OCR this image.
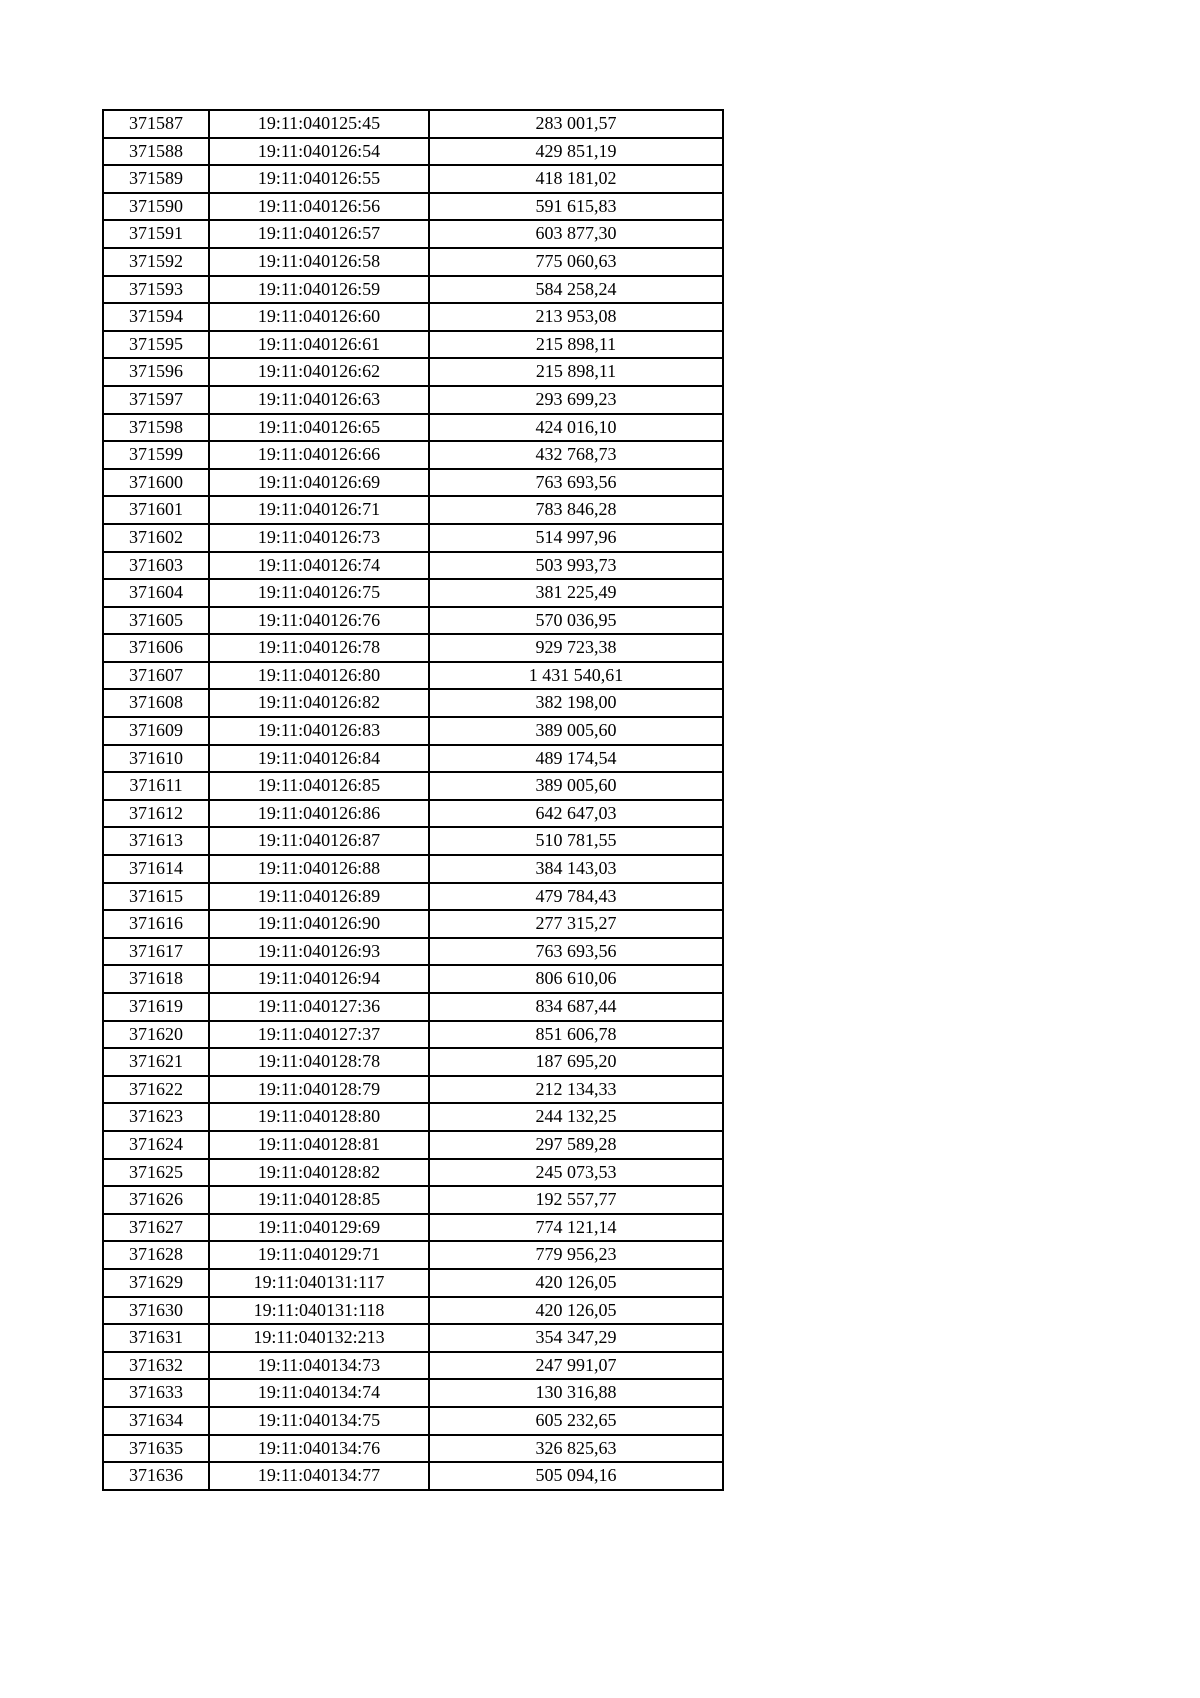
371587	19:11:040125:45	283 001,57
371588	19:11:040126:54	429 851,19
371589	19:11:040126:55	418 181,02
371590	19:11:040126:56	591 615,83
371591	19:11:040126:57	603 877,30
371592	19:11:040126:58	775 060,63
371593	19:11:040126:59	584 258,24
371594	19:11:040126:60	213 953,08
371595	19:11:040126:61	215 898,11
371596	19:11:040126:62	215 898,11
371597	19:11:040126:63	293 699,23
371598	19:11:040126:65	424 016,10
371599	19:11:040126:66	432 768,73
371600	19:11:040126:69	763 693,56
371601	19:11:040126:71	783 846,28
371602	19:11:040126:73	514 997,96
371603	19:11:040126:74	503 993,73
371604	19:11:040126:75	381 225,49
371605	19:11:040126:76	570 036,95
371606	19:11:040126:78	929 723,38
371607	19:11:040126:80	1 431 540,61
371608	19:11:040126:82	382 198,00
371609	19:11:040126:83	389 005,60
371610	19:11:040126:84	489 174,54
371611	19:11:040126:85	389 005,60
371612	19:11:040126:86	642 647,03
371613	19:11:040126:87	510 781,55
371614	19:11:040126:88	384 143,03
371615	19:11:040126:89	479 784,43
371616	19:11:040126:90	277 315,27
371617	19:11:040126:93	763 693,56
371618	19:11:040126:94	806 610,06
371619	19:11:040127:36	834 687,44
371620	19:11:040127:37	851 606,78
371621	19:11:040128:78	187 695,20
371622	19:11:040128:79	212 134,33
371623	19:11:040128:80	244 132,25
371624	19:11:040128:81	297 589,28
371625	19:11:040128:82	245 073,53
371626	19:11:040128:85	192 557,77
371627	19:11:040129:69	774 121,14
371628	19:11:040129:71	779 956,23
371629	19:11:040131:117	420 126,05
371630	19:11:040131:118	420 126,05
371631	19:11:040132:213	354 347,29
371632	19:11:040134:73	247 991,07
371633	19:11:040134:74	130 316,88
371634	19:11:040134:75	605 232,65
371635	19:11:040134:76	326 825,63
371636	19:11:040134:77	505 094,16
